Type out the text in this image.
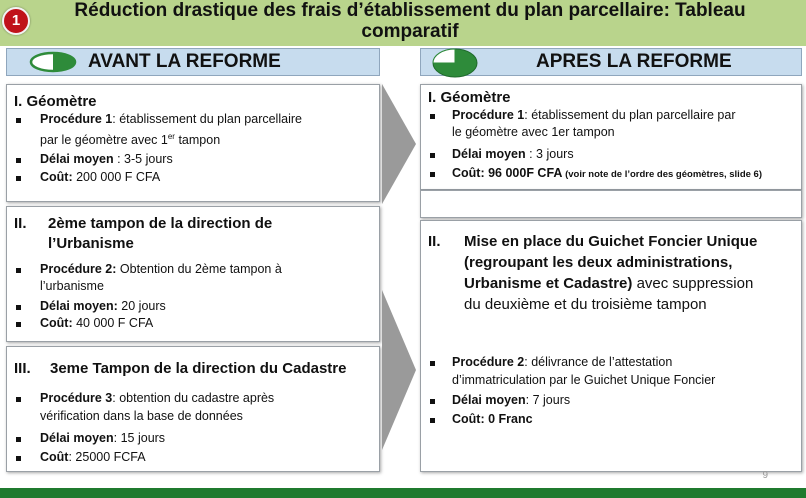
1	Réduction drastique des frais d’établissement du plan parcellaire: Tableau
comparatif
AVANT LA REFORME
I. Géomètre
Procédure 1: établissement du plan parcellaire
par le géomètre avec 1er tampon
Délai moyen : 3-5 jours
Coût: 200 000 F CFA
II. 2ème tampon de la direction de
l’Urbanisme
Procédure 2: Obtention du 2ème tampon à
l’urbanisme
Délai moyen: 20 jours
Coût: 40 000 F CFA
III. 3eme Tampon de la direction du Cadastre
Procédure 3: obtention du cadastre après
vérification dans la base de données
Délai moyen: 15 jours
Coût: 25000 FCFA
APRES LA REFORME
I. Géomètre
Procédure 1: établissement du plan parcellaire par
le géomètre avec 1er tampon
Délai moyen : 3 jours
Coût: 96 000F CFA (voir note de l’ordre des géomètres, slide 6)
II. Mise en place du Guichet Foncier Unique
(regroupant les deux administrations,
Urbanisme et Cadastre) avec suppression
du deuxième et du troisième tampon
Procédure 2: délivrance de l’attestation
d’immatriculation par le Guichet Unique Foncier
Délai moyen: 7 jours
Coût: 0 Franc
9
